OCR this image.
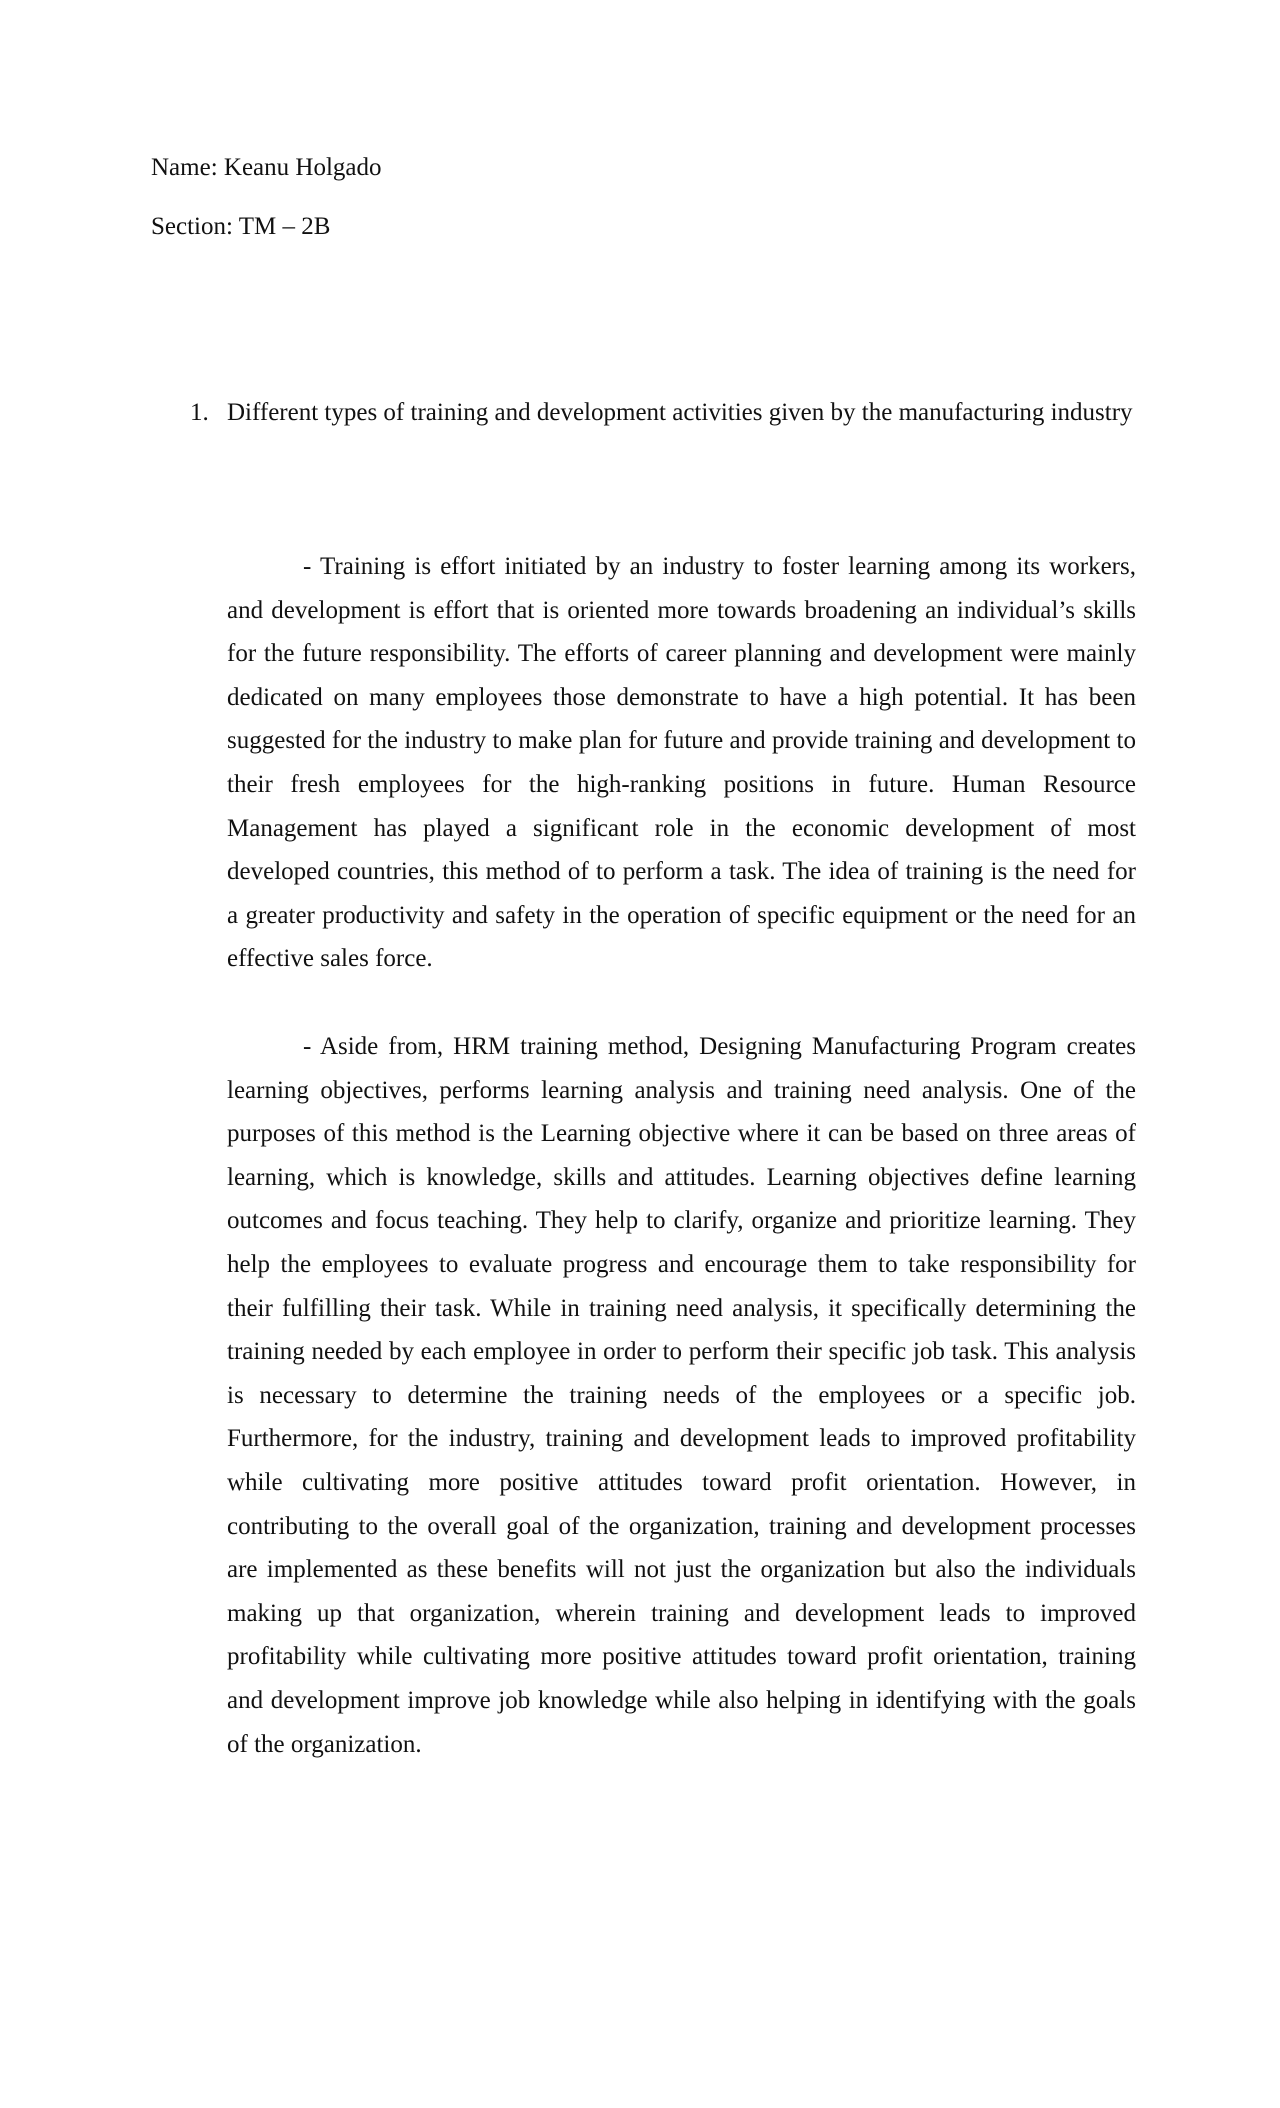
Name: Keanu Holgado
Section: TM – 2B
1. Different types of training and development activities given by the manufacturing industry

- Training is effort initiated by an industry to foster learning among its workers, and development is effort that is oriented more towards broadening an individual’s skills for the future responsibility. The efforts of career planning and development were mainly dedicated on many employees those demonstrate to have a high potential. It has been suggested for the industry to make plan for future and provide training and development to their fresh employees for the high-ranking positions in future. Human Resource Management has played a significant role in the economic development of most developed countries, this method of to perform a task. The idea of training is the need for a greater productivity and safety in the operation of specific equipment or the need for an effective sales force.

- Aside from, HRM training method, Designing Manufacturing Program creates learning objectives, performs learning analysis and training need analysis. One of the purposes of this method is the Learning objective where it can be based on three areas of learning, which is knowledge, skills and attitudes. Learning objectives define learning outcomes and focus teaching. They help to clarify, organize and prioritize learning. They help the employees to evaluate progress and encourage them to take responsibility for their fulfilling their task. While in training need analysis, it specifically determining the training needed by each employee in order to perform their specific job task. This analysis is necessary to determine the training needs of the employees or a specific job. Furthermore, for the industry, training and development leads to improved profitability while cultivating more positive attitudes toward profit orientation. However, in contributing to the overall goal of the organization, training and development processes are implemented as these benefits will not just the organization but also the individuals making up that organization, wherein training and development leads to improved profitability while cultivating more positive attitudes toward profit orientation, training and development improve job knowledge while also helping in identifying with the goals of the organization.
